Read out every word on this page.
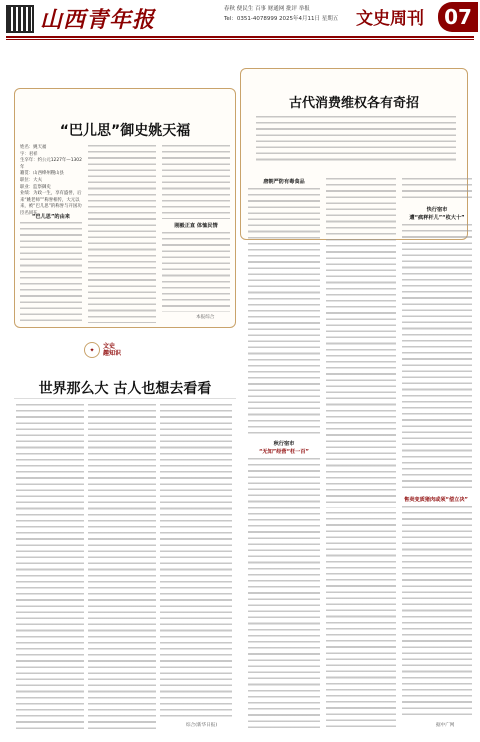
山西青年报	春秋 便民生 百事 财通网 批评 举报
Tel：0351-4078999 2025年4月11日 星期五 文史周刊	07
“巴儿思”御史姚天福
姓名：姚天福
字：君祥
生卒年：约公元1227年—1302年
籍贯：山西绛州稷山县
职位：大夫
职业：监察御史
业绩：为政一生，享有盛誉，后来“姚老师””称誉相传，大元以来，被“巴儿思”的称誉与开国功臣名同在。
“巴儿思”的由来
刚毅正直 体恤民情
本报综合
✦	文史
趣知识
世界那么大 古人也想去看看
综合(新华日报)
古代消费维权各有奇招
唐朝严防有毒食品
秋行宿市
“无知”经营“枉一百”
快行宿市
遭“疯秤杆儿”“枚大十”
售卖变质猪肉或须“偿立决”
据中广网
